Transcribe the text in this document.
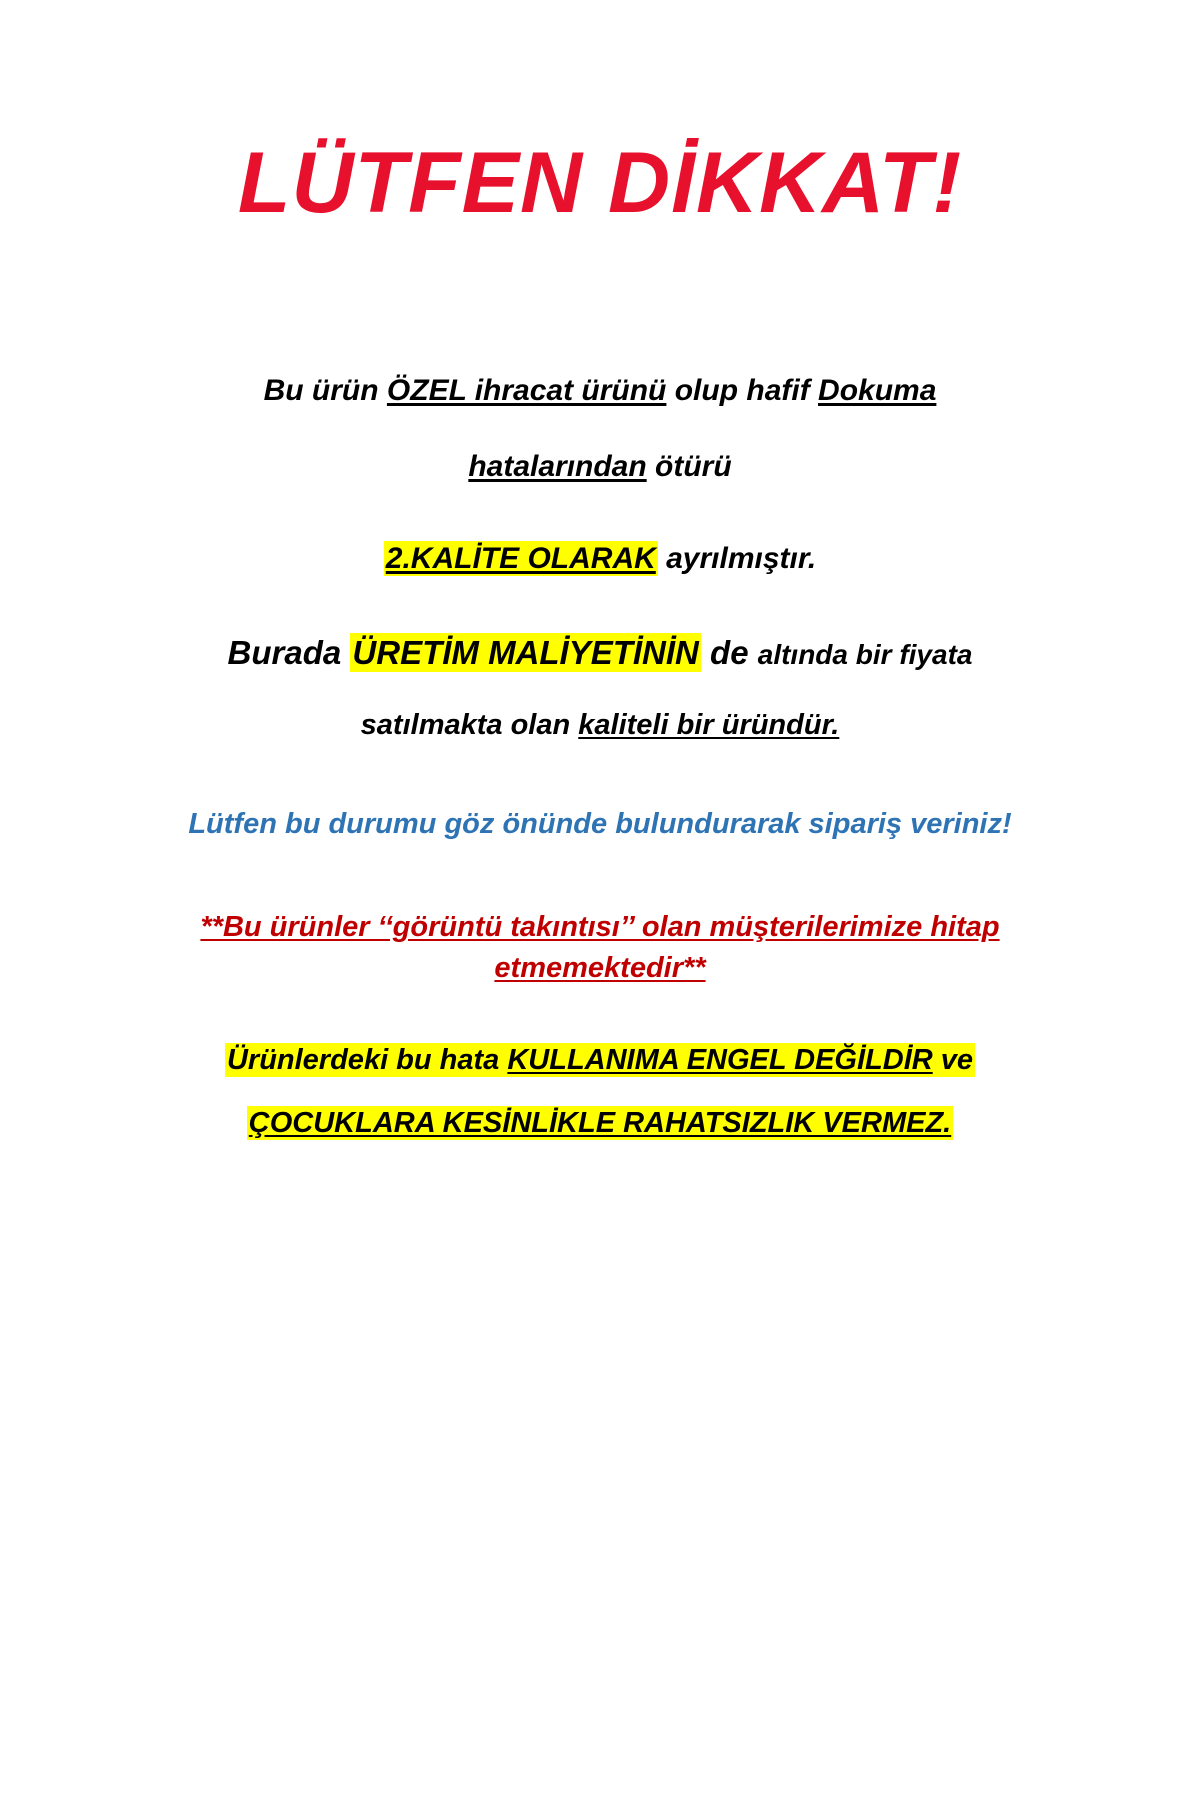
LÜTFEN DİKKAT!
Bu ürün ÖZEL ihracat ürünü olup hafif Dokuma
hatalarından ötürü
2.KALİTE OLARAK ayrılmıştır.
Burada ÜRETİM MALİYETİNİN de altında bir fiyata
satılmakta olan kaliteli bir üründür.
Lütfen bu durumu göz önünde bulundurarak sipariş veriniz!
**Bu ürünler ‘‘görüntü takıntısı’’ olan müşterilerimize hitap
etmemektedir**
Ürünlerdeki bu hata KULLANIMA ENGEL DEĞİLDİR ve
ÇOCUKLARA KESİNLİKLE RAHATSIZLIK VERMEZ.
